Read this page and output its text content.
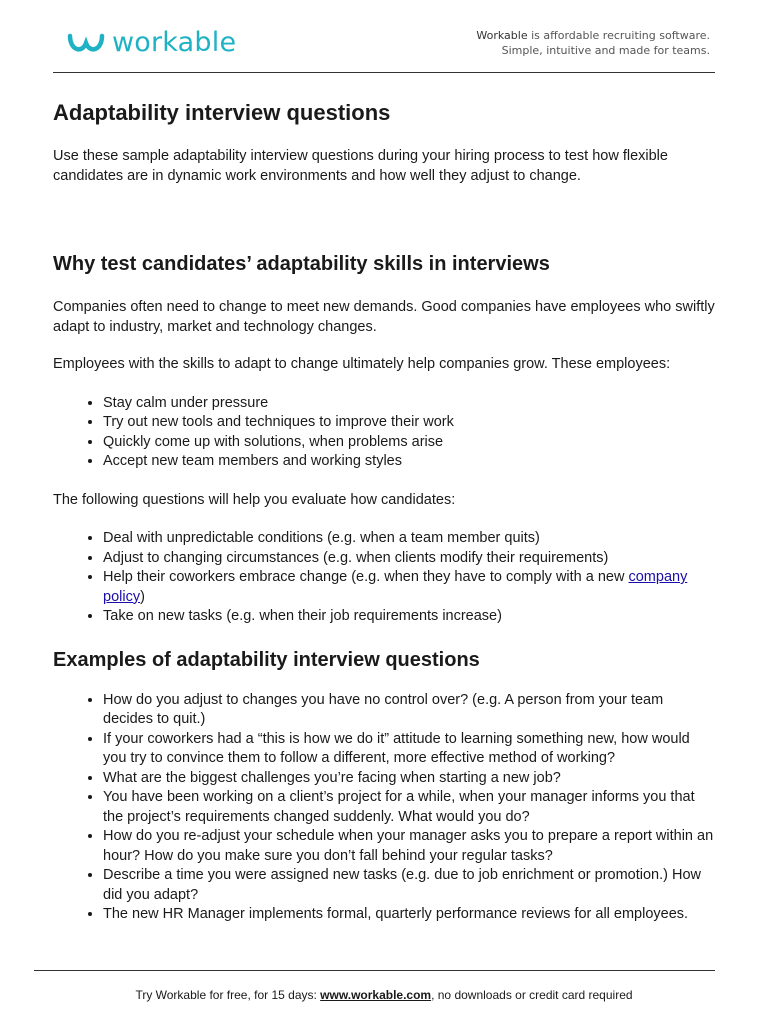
workable	Workable is affordable recruiting software.
Simple, intuitive and made for teams.
Adaptability interview questions

Use these sample adaptability interview questions during your hiring process to test how flexible candidates are in dynamic work environments and how well they adjust to change.

Why test candidates’ adaptability skills in interviews

Companies often need to change to meet new demands. Good companies have employees who swiftly adapt to industry, market and technology changes.

Employees with the skills to adapt to change ultimately help companies grow. These employees:

• Stay calm under pressure
• Try out new tools and techniques to improve their work
• Quickly come up with solutions, when problems arise
• Accept new team members and working styles

The following questions will help you evaluate how candidates:

• Deal with unpredictable conditions (e.g. when a team member quits)
• Adjust to changing circumstances (e.g. when clients modify their requirements)
• Help their coworkers embrace change (e.g. when they have to comply with a new company policy)
• Take on new tasks (e.g. when their job requirements increase)
Examples of adaptability interview questions
• How do you adjust to changes you have no control over? (e.g. A person from your team decides to quit.)
• If your coworkers had a “this is how we do it” attitude to learning something new, how would you try to convince them to follow a different, more effective method of working?
• What are the biggest challenges you’re facing when starting a new job?
• You have been working on a client’s project for a while, when your manager informs you that the project’s requirements changed suddenly. What would you do?
• How do you re-adjust your schedule when your manager asks you to prepare a report within an hour? How do you make sure you don’t fall behind your regular tasks?
• Describe a time you were assigned new tasks (e.g. due to job enrichment or promotion.) How did you adapt?
• The new HR Manager implements formal, quarterly performance reviews for all employees.
Try Workable for free, for 15 days: www.workable.com, no downloads or credit card required
